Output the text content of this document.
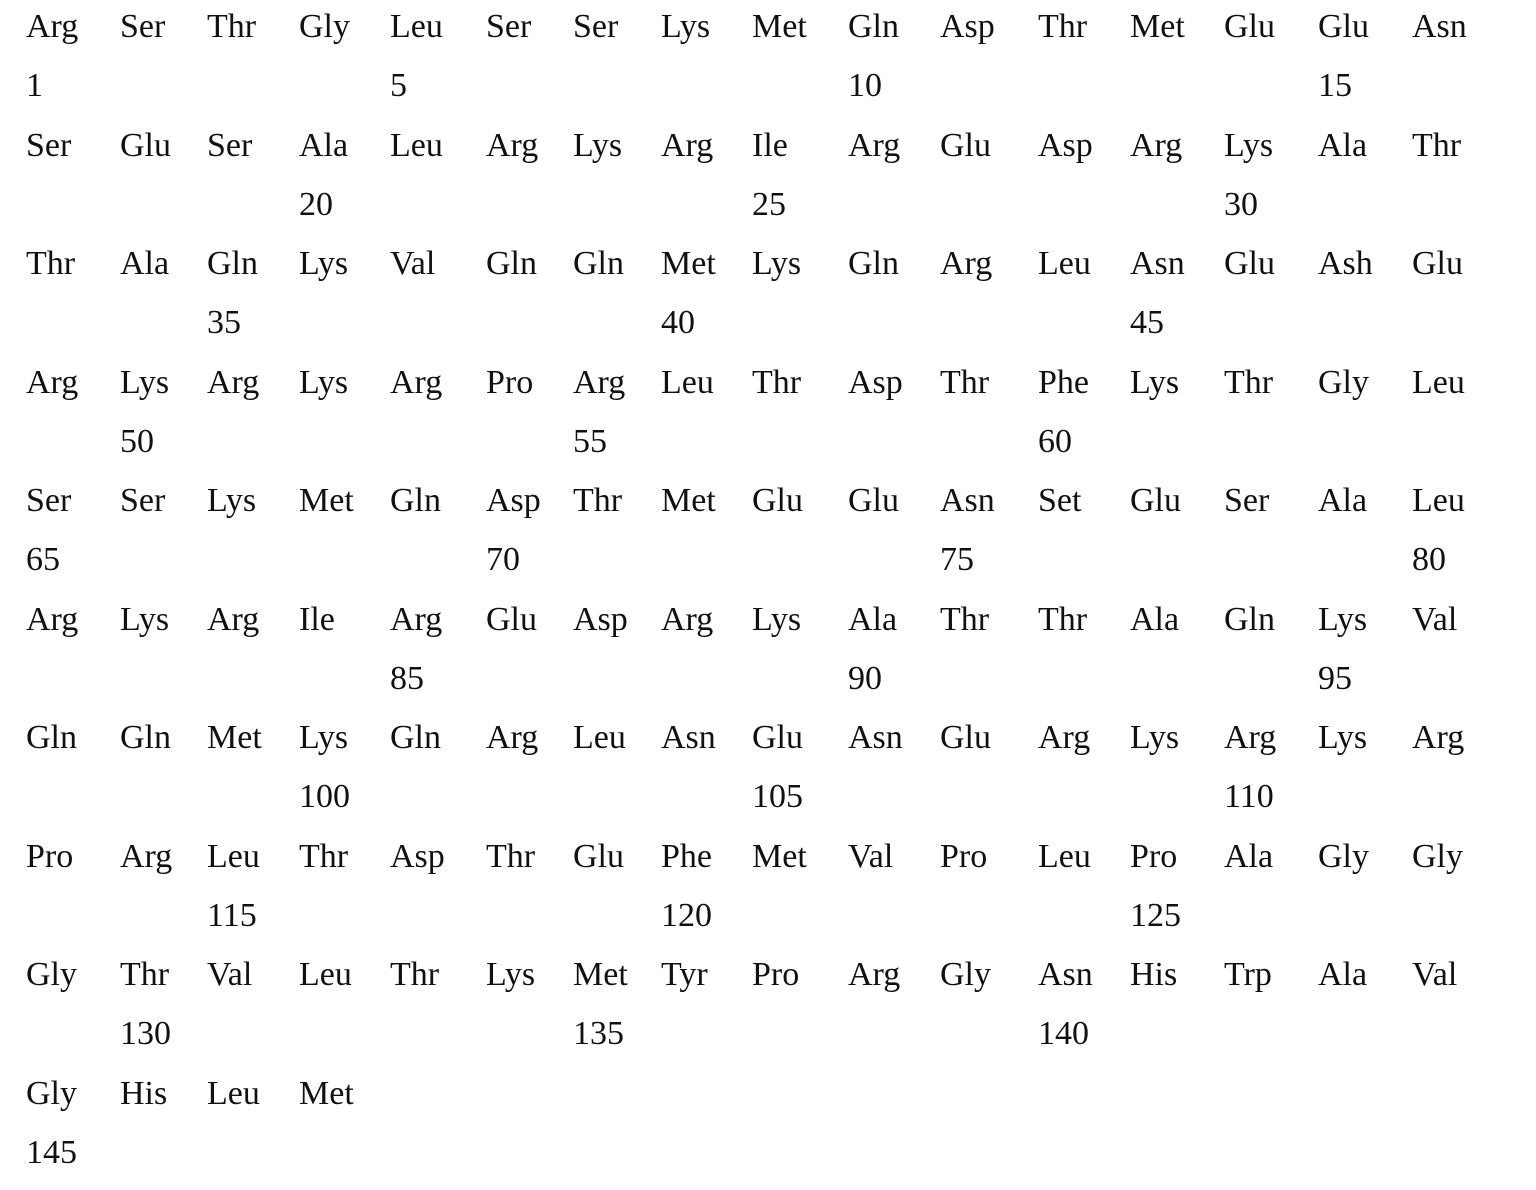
Arg
1
Ser Thr Gly Leu
5
Ser Ser Lys Met Gln
10
Asp Thr Met Glu Glu
15
Asn
Ser Glu Ser Ala
20
Leu Arg Lys Arg Ile
25
Arg Glu Asp Arg Lys
30
Ala Thr
Thr Ala Gln
35
Lys Val Gln Gln Met
40
Lys Gln Arg Leu Asn
45
Glu Ash Glu
Arg Lys
50
Arg Lys Arg Pro Arg
55
Leu Thr Asp Thr Phe
60
Lys Thr Gly Leu
Ser
65
Ser Lys Met Gln Asp
70
Thr Met Glu Glu Asn
75
Set Glu Ser Ala Leu
80
Arg Lys Arg Ile Arg
85
Glu Asp Arg Lys Ala
90
Thr Thr Ala Gln Lys
95
Val
Gln Gln Met Lys
100
Gln Arg Leu Asn Glu
105
Asn Glu Arg Lys Arg
110
Lys Arg
Pro Arg Leu
115
Thr Asp Thr Glu Phe
120
Met Val Pro Leu Pro
125
Ala Gly Gly
Gly Thr
130
Val Leu Thr Lys Met
135
Tyr Pro Arg Gly Asn
140
His Trp Ala Val
Gly
145
His Leu Met
